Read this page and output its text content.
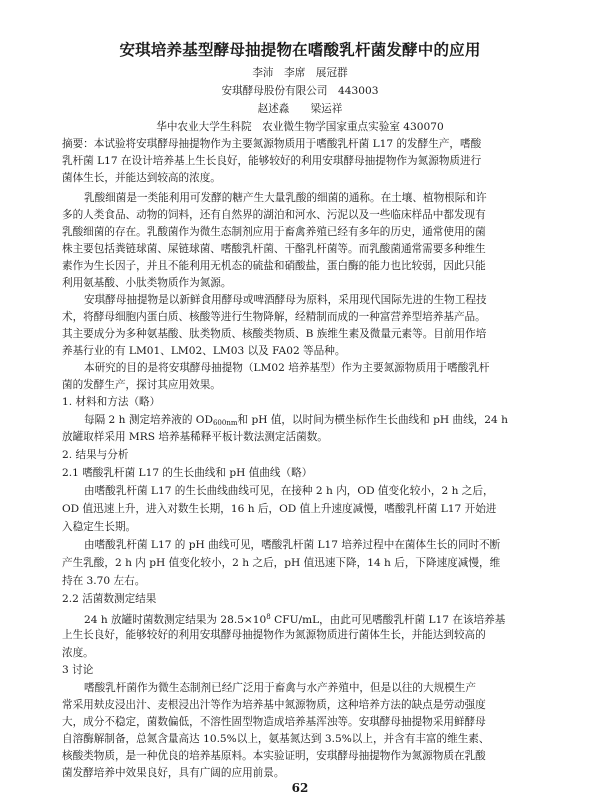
安琪培养基型酵母抽提物在嗜酸乳杆菌发酵中的应用
李沛　李席　展冠群
安琪酵母股份有限公司　443003
赵述淼　　梁运祥
华中农业大学生科院　农业微生物学国家重点实验室 430070
摘要：本试验将安琪酵母抽提物作为主要氮源物质用于嗜酸乳杆菌 L17 的发酵生产，嗜酸
乳杆菌 L17 在设计培养基上生长良好，能够较好的利用安琪酵母抽提物作为氮源物质进行
菌体生长，并能达到较高的浓度。
乳酸细菌是一类能利用可发酵的糖产生大量乳酸的细菌的通称。在土壤、植物根际和许
多的人类食品、动物的饲料，还有自然界的湖泊和河水、污泥以及一些临床样品中都发现有
乳酸细菌的存在。乳酸菌作为微生态制剂应用于畜禽养殖已经有多年的历史，通常使用的菌
株主要包括粪链球菌、屎链球菌、嗜酸乳杆菌、干酪乳杆菌等。而乳酸菌通常需要多种维生
素作为生长因子，并且不能利用无机态的硫盐和硝酸盐，蛋白酶的能力也比较弱，因此只能
利用氨基酸、小肽类物质作为氮源。
安琪酵母抽提物是以新鲜食用酵母或啤酒酵母为原料，采用现代国际先进的生物工程技
术，将酵母细胞内蛋白质、核酸等进行生物降解，经精制而成的一种富营养型培养基产品。
其主要成分为多种氨基酸、肽类物质、核酸类物质、B 族维生素及微量元素等。目前用作培
养基行业的有 LM01、LM02、LM03 以及 FA02 等品种。
本研究的目的是将安琪酵母抽提物（LM02 培养基型）作为主要氮源物质用于嗜酸乳杆
菌的发酵生产，探讨其应用效果。
1. 材料和方法（略）
每隔 2 h 测定培养液的 $OD_{600nm}$和 pH 值，以时间为横坐标作生长曲线和 pH 曲线，24 h
放罐取样采用 MRS 培养基稀释平板计数法测定活菌数。
2. 结果与分析
2.1 嗜酸乳杆菌 L17 的生长曲线和 pH 值曲线（略）
由嗜酸乳杆菌 L17 的生长曲线曲线可见，在接种 2 h 内，OD 值变化较小，2 h 之后，
OD 值迅速上升，进入对数生长期，16 h 后，OD 值上升速度减慢，嗜酸乳杆菌 L17 开始进
入稳定生长期。
由嗜酸乳杆菌 L17 的 pH 曲线可见，嗜酸乳杆菌 L17 培养过程中在菌体生长的同时不断
产生乳酸，2 h 内 pH 值变化较小，2 h 之后，pH 值迅速下降，14 h 后，下降速度减慢，维
持在 3.70 左右。
2.2 活菌数测定结果
24 h 放罐时菌数测定结果为 $28.5\times 10^8$ CFU/mL，由此可见嗜酸乳杆菌 L17 在该培养基
上生长良好，能够较好的利用安琪酵母抽提物作为氮源物质进行菌体生长，并能达到较高的
浓度。
3 讨论
嗜酸乳杆菌作为微生态制剂已经广泛用于畜禽与水产养殖中，但是以往的大规模生产
常采用麸皮浸出汁、麦根浸出汁等作为培养基中氮源物质，这种培养方法的缺点是劳动强度
大，成分不稳定，菌数偏低，不溶性固型物造成培养基浑浊等。安琪酵母抽提物采用鲜酵母
自溶酶解制备，总氮含量高达 10.5%以上，氨基氮达到 3.5%以上，并含有丰富的维生素、
核酸类物质，是一种优良的培养基原料。本实验证明，安琪酵母抽提物作为氮源物质在乳酸
62
菌发酵培养中效果良好，具有广阔的应用前景。
